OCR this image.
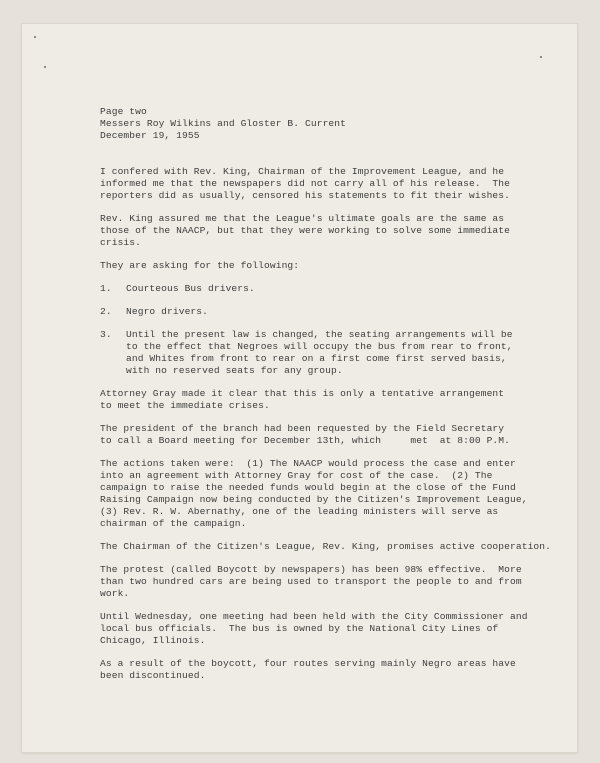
Page two
Messers Roy Wilkins and Gloster B. Current
December 19, 1955
I confered with Rev. King, Chairman of the Improvement League, and he
informed me that the newspapers did not carry all of his release.  The
reporters did as usually, censored his statements to fit their wishes.
Rev. King assured me that the League's ultimate goals are the same as
those of the NAACP, but that they were working to solve some immediate
crisis.
They are asking for the following:
1. Courteous Bus drivers.
2. Negro drivers.
3. Until the present law is changed, the seating arrangements will be
to the effect that Negroes will occupy the bus from rear to front,
and Whites from front to rear on a first come first served basis,
with no reserved seats for any group.
Attorney Gray made it clear that this is only a tentative arrangement
to meet the immediate crises.
The president of the branch had been requested by the Field Secretary
to call a Board meeting for December 13th, which     met  at 8:00 P.M.
The actions taken were:  (1) The NAACP would process the case and enter
into an agreement with Attorney Gray for cost of the case.  (2) The
campaign to raise the needed funds would begin at the close of the Fund
Raising Campaign now being conducted by the Citizen's Improvement League,
(3) Rev. R. W. Abernathy, one of the leading ministers will serve as
chairman of the campaign.
The Chairman of the Citizen's League, Rev. King, promises active cooperation.
The protest (called Boycott by newspapers) has been 98% effective.  More
than two hundred cars are being used to transport the people to and from
work.
Until Wednesday, one meeting had been held with the City Commissioner and
local bus officials.  The bus is owned by the National City Lines of
Chicago, Illinois.
As a result of the boycott, four routes serving mainly Negro areas have
been discontinued.
